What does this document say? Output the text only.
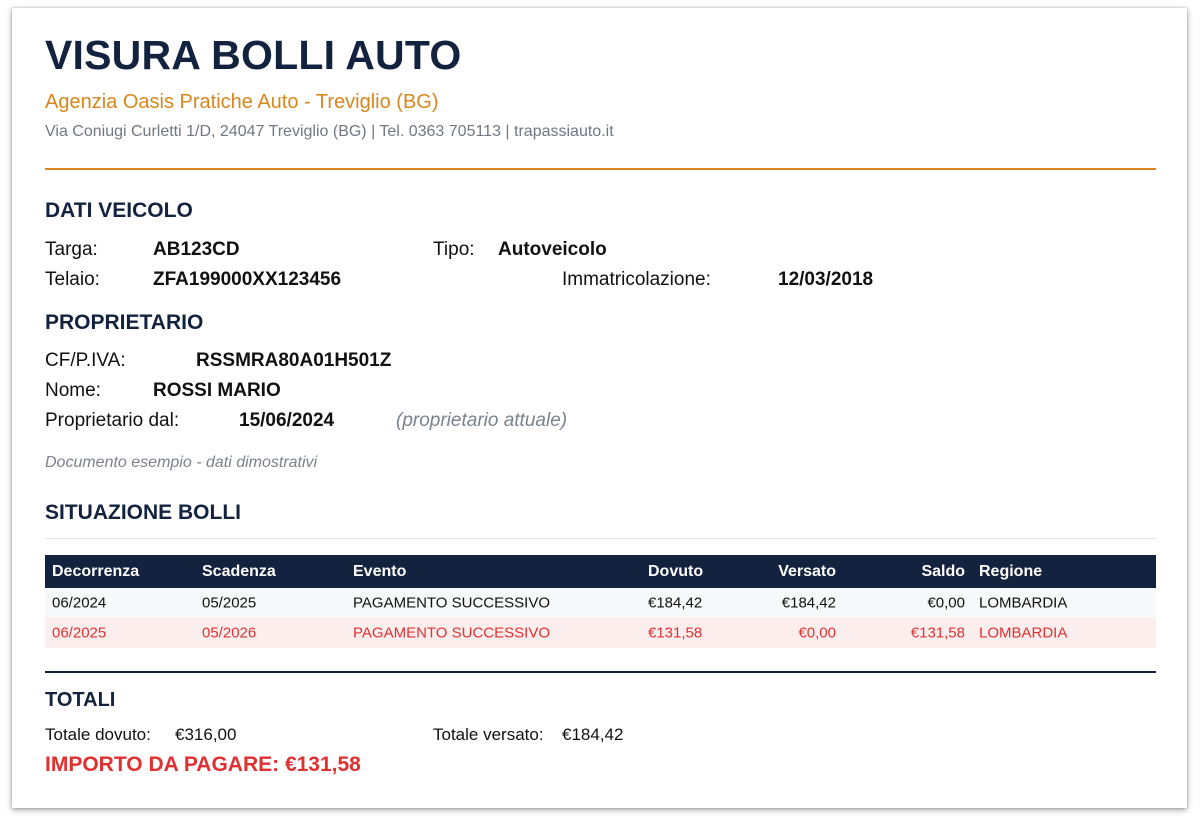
VISURA BOLLI AUTO
Agenzia Oasis Pratiche Auto - Treviglio (BG)
Via Coniugi Curletti 1/D, 24047 Treviglio (BG) | Tel. 0363 705113 | trapassiauto.it
DATI VEICOLO
Targa:	AB123CD	Tipo: Autoveicolo
Telaio:	ZFA199000XX123456	Immatricolazione:	12/03/2018
PROPRIETARIO
CF/P.IVA:	RSSMRA80A01H501Z
Nome:	ROSSI MARIO
Proprietario dal:	15/06/2024	(proprietario attuale)
Documento esempio - dati dimostrativi
SITUAZIONE BOLLI
Decorrenza	Scadenza	Evento	Dovuto	Versato	Saldo Regione
06/2024	05/2025	PAGAMENTO SUCCESSIVO	€184,42	€184,42	€0,00 LOMBARDIA
06/2025	05/2026	PAGAMENTO SUCCESSIVO	€131,58	€0,00	€131,58 LOMBARDIA
TOTALI
Totale dovuto: €316,00	Totale versato: €184,42
IMPORTO DA PAGARE: €131,58
